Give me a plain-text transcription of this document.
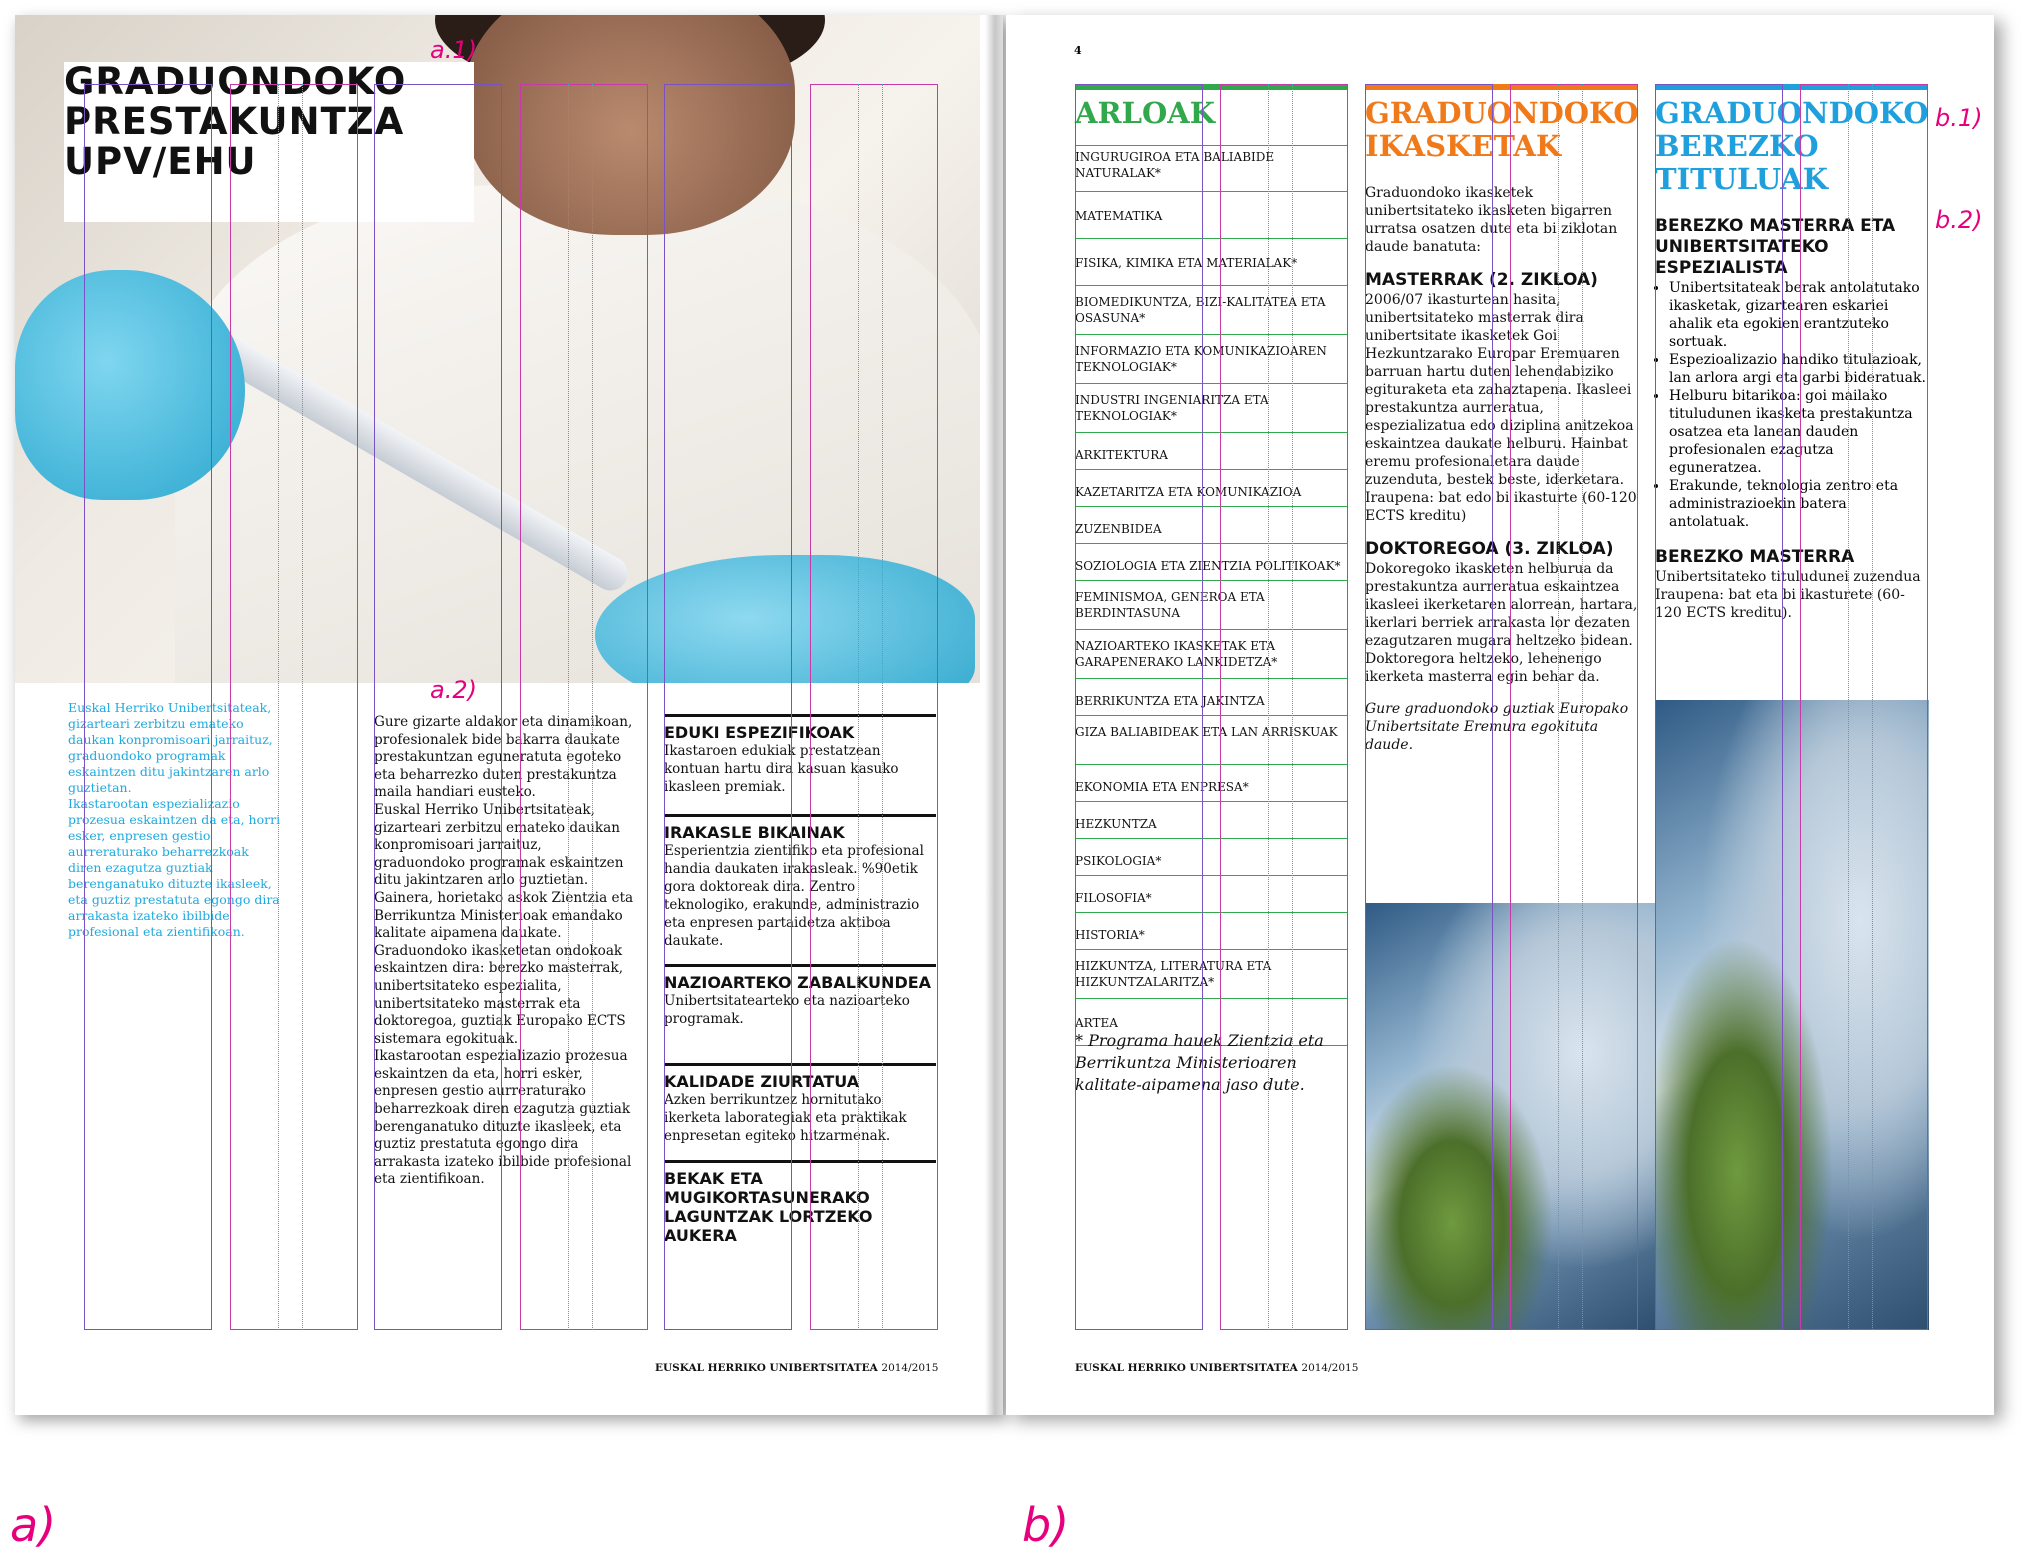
GRADUONDOKO
PRESTAKUNTZA
UPV/EHU
a.1)
a.2)
Euskal Herriko Unibertsitateak, gizarteari zerbitzu emateko daukan konpromisoari jarraituz, graduondoko programak eskaintzen ditu jakintzaren arlo guztietan.
Ikastarootan espezializazio prozesua eskaintzen da eta, horri esker, enpresen gestio aurreraturako beharrezkoak diren ezagutza guztiak berenganatuko dituzte ikasleek, eta guztiz prestatuta egongo dira arrakasta izateko ibilbide profesional eta zientifikoan.
Gure gizarte aldakor eta dinamikoan, profesionalek bide bakarra daukate prestakuntzan eguneratuta egoteko eta beharrezko duten prestakuntza maila handiari eusteko.
Euskal Herriko Unibertsitateak, gizarteari zerbitzu emateko daukan konpromisoari jarraituz, graduondoko programak eskaintzen ditu jakintzaren arlo guztietan. Gainera, horietako askok Zientzia eta Berrikuntza Ministerioak emandako kalitate aipamena daukate.
Graduondoko ikasketetan ondokoak eskaintzen dira: berezko masterrak, unibertsitateko espezialita, unibertsitateko masterrak eta doktoregoa, guztiak Europako ECTS sistemara egokituak.
Ikastarootan espezializazio prozesua eskaintzen da eta, horri esker, enpresen gestio aurreraturako beharrezkoak diren ezagutza guztiak berenganatuko dituzte ikasleek, eta guztiz prestatuta egongo dira arrakasta izateko ibilbide profesional eta zientifikoan.
EDUKI ESPEZIFIKOAK

Ikastaroen edukiak prestatzean kontuan hartu dira kasuan kasuko ikasleen premiak.

IRAKASLE BIKAINAK

Esperientzia zientifiko eta profesional handia daukaten irakasleak. %90etik gora doktoreak dira. Zentro teknologiko, erakunde, administrazio eta enpresen partaidetza aktiboa daukate.

NAZIOARTEKO ZABALKUNDEA

Unibertsitatearteko eta nazioarteko programak.

KALIDADE ZIURTATUA

Azken berrikuntzez hornitutako ikerketa laborategiak eta praktikak enpresetan egiteko hitzarmenak.

BEKAK ETA MUGIKORTASUNERAKO LAGUNTZAK LORTZEKO AUKERA
EUSKAL HERRIKO UNIBERTSITATEA 2014/2015
4
ARLOAK	GRADUONDOKO
IKASKETAK
GRADUONDOKO
BEREZKO
TITULUAK
b.1)
b.2)
INGURUGIROA ETA BALIABIDE NATURALAK*
MATEMATIKA
FISIKA, KIMIKA ETA MATERIALAK*
BIOMEDIKUNTZA, BIZI-KALITATEA ETA OSASUNA*
INFORMAZIO ETA KOMUNIKAZIOAREN TEKNOLOGIAK*
INDUSTRI INGENIARITZA ETA TEKNOLOGIAK*
ARKITEKTURA
KAZETARITZA ETA KOMUNIKAZIOA
ZUZENBIDEA
SOZIOLOGIA ETA ZIENTZIA POLITIKOAK*
FEMINISMOA, GENEROA ETA BERDINTASUNA
NAZIOARTEKO IKASKETAK ETA GARAPENERAKO LANKIDETZA*
BERRIKUNTZA ETA JAKINTZA
GIZA BALIABIDEAK ETA LAN ARRISKUAK
EKONOMIA ETA ENPRESA*
HEZKUNTZA
PSIKOLOGIA*
FILOSOFIA*
HISTORIA*
HIZKUNTZA, LITERATURA ETA HIZKUNTZALARITZA*
ARTEA
* Programa hauek Zientzia eta Berrikuntza Ministerioaren kalitate-aipamena jaso dute.

Graduondoko ikasketek unibertsitateko ikasketen bigarren urratsa osatzen dute eta bi ziklotan daude banatuta:

MASTERRAK (2. ZIKLOA)

2006/07 ikasturtean hasita, unibertsitateko masterrak dira unibertsitate ikasketek Goi Hezkuntzarako Europar Eremuaren barruan hartu duten lehendabiziko egituraketa eta zahaztapena. Ikasleei prestakuntza aurreratua, espezializatua edo diziplina anitzekoa eskaintzea daukate helburu. Hainbat eremu profesionaletara daude zuzenduta, bestek beste, iderketara.
Iraupena: bat edo bi ikasturte (60-120 ECTS kreditu)

DOKTOREGOA (3. ZIKLOA)

Dokoregoko ikasketen helburua da prestakuntza aurreratua eskaintzea ikasleei ikerketaren alorrean, hartara, ikerlari berriek arrakasta lor dezaten ezagutzaren mugara heltzeko bidean.
Doktoregora heltzeko, lehenengo ikerketa masterra egin behar da.

Gure graduondoko guztiak Europako Unibertsitate Eremura egokituta daude.

BEREZKO MASTERRA ETA UNIBERTSITATEKO ESPEZIALISTA

• Unibertsitateak berak antolatutako ikasketak, gizartearen eskariei ahalik eta egokien erantzuteko sortuak.
• Espezioalizazio handiko titulazioak, lan arlora argi eta garbi bideratuak.
• Helburu bitarikoa: goi mailako tituludunen ikasketa prestakuntza osatzea eta lanean dauden profesionalen ezagutza eguneratzea.
• Erakunde, teknologia zentro eta administrazioekin batera antolatuak.

BEREZKO MASTERRA

Unibertsitateko tituludunei zuzendua
Iraupena: bat eta bi ikasturete (60-120 ECTS kreditu).

EUSKAL HERRIKO UNIBERTSITATEA 2014/2015
a)	b)
